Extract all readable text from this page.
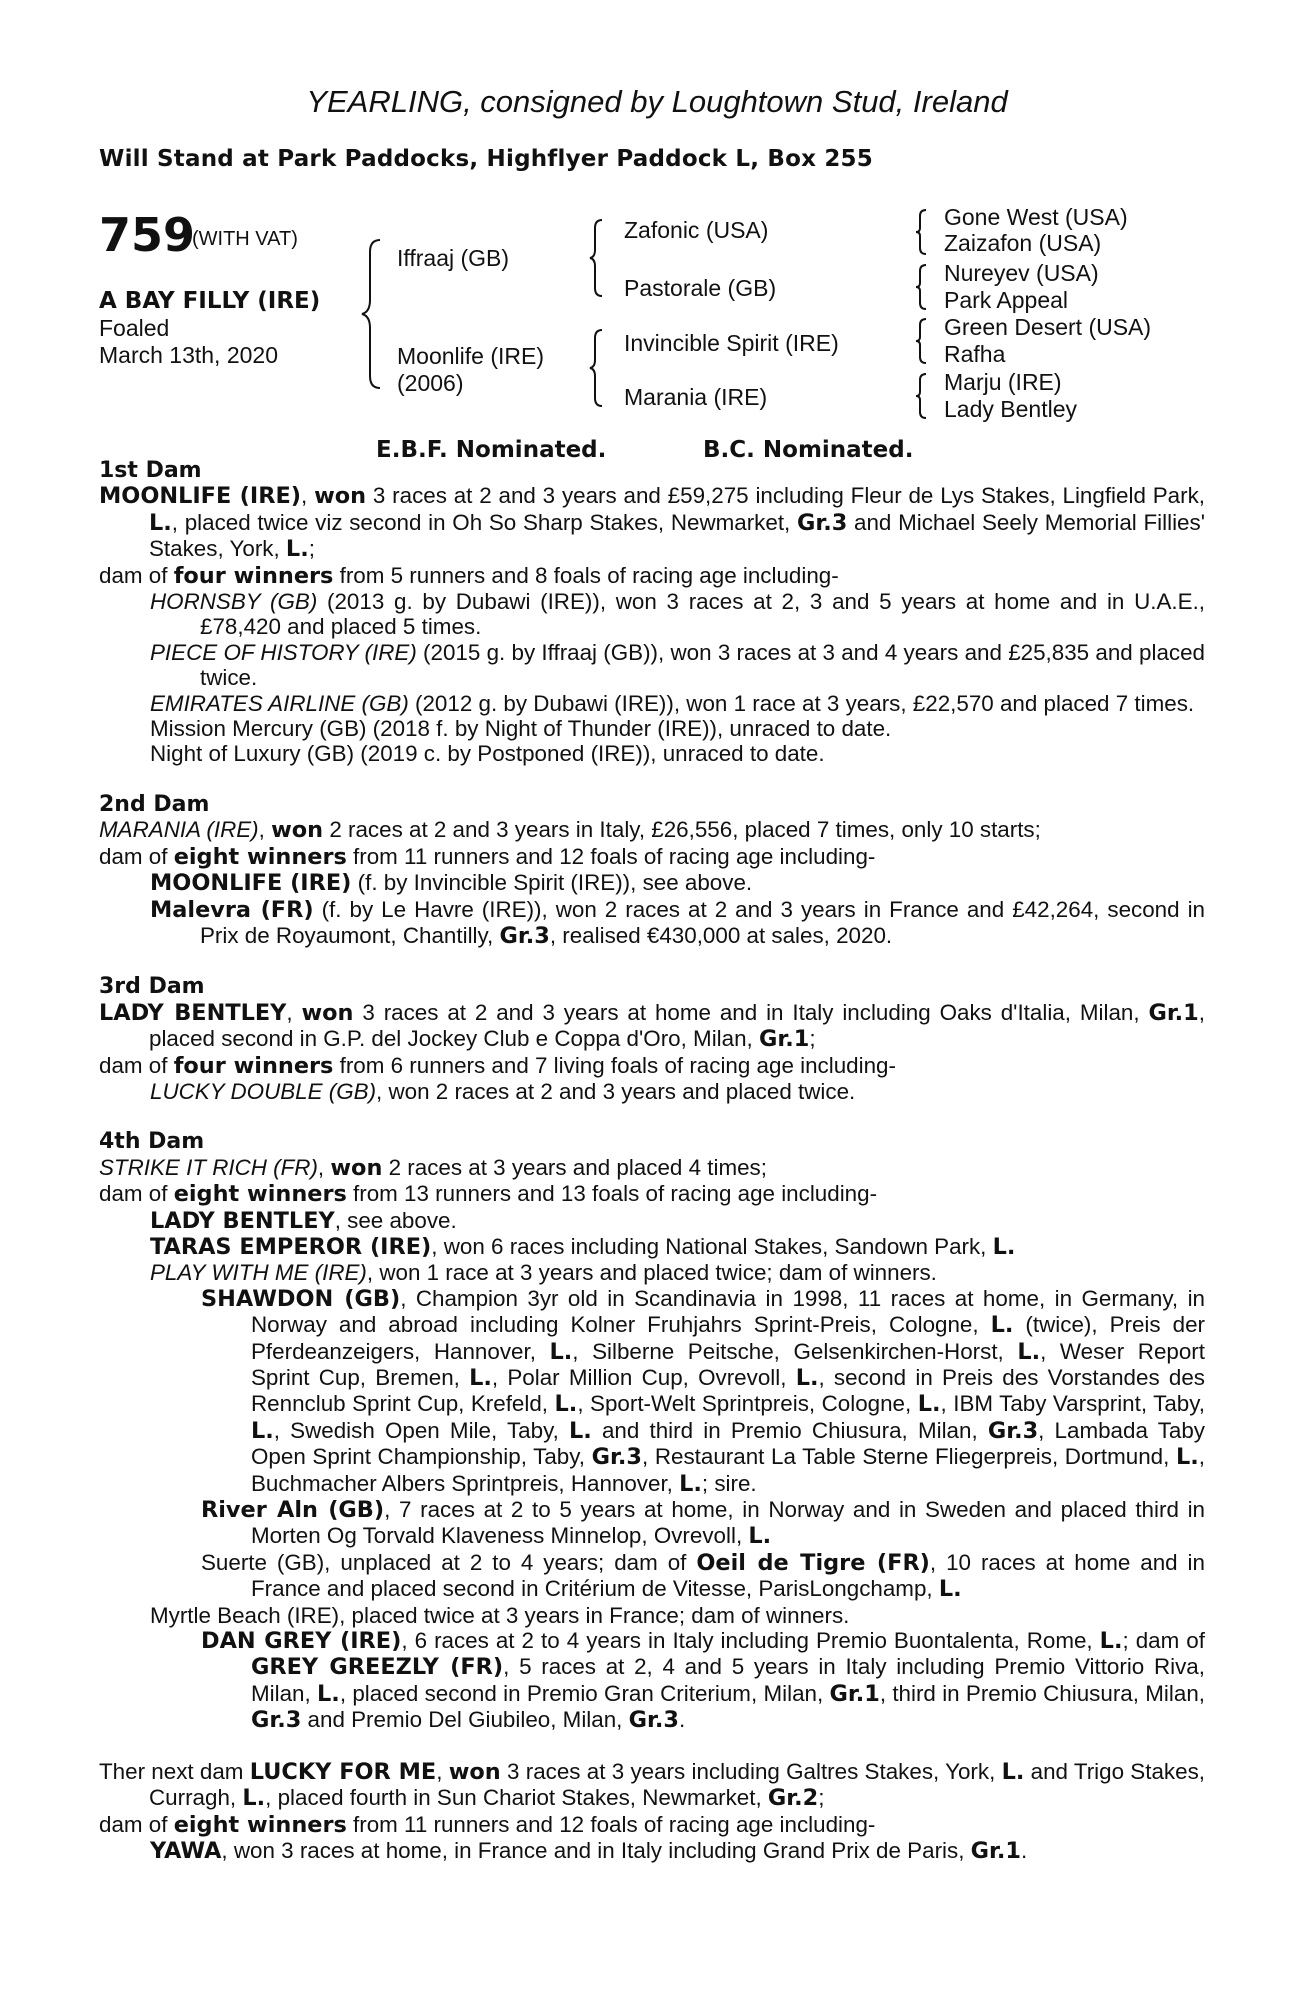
YEARLING, consigned by Loughtown Stud, Ireland
Will Stand at Park Paddocks, Highflyer Paddock L, Box 255
759
(WITH VAT)
A BAY FILLY (IRE)
Foaled
March 13th, 2020
Iffraaj (GB)
Moonlife (IRE)
(2006)
Zafonic (USA)
Pastorale (GB)
Invincible Spirit (IRE)
Marania (IRE)
Gone West (USA)
Zaizafon (USA)
Nureyev (USA)
Park Appeal
Green Desert (USA)
Rafha
Marju (IRE)
Lady Bentley
E.B.F. Nominated.	B.C. Nominated.

1st Dam

MOONLIFE (IRE), won 3 races at 2 and 3 years and £59,275 including Fleur de Lys Stakes, Lingfield Park, L., placed twice viz second in Oh So Sharp Stakes, Newmarket, Gr.3 and Michael Seely Memorial Fillies' Stakes, York, L.;

dam of four winners from 5 runners and 8 foals of racing age including-

HORNSBY (GB) (2013 g. by Dubawi (IRE)), won 3 races at 2, 3 and 5 years at home and in U.A.E., £78,420 and placed 5 times.

PIECE OF HISTORY (IRE) (2015 g. by Iffraaj (GB)), won 3 races at 3 and 4 years and £25,835 and placed twice.

EMIRATES AIRLINE (GB) (2012 g. by Dubawi (IRE)), won 1 race at 3 years, £22,570 and placed 7 times.

Mission Mercury (GB) (2018 f. by Night of Thunder (IRE)), unraced to date.

Night of Luxury (GB) (2019 c. by Postponed (IRE)), unraced to date.

2nd Dam

MARANIA (IRE), won 2 races at 2 and 3 years in Italy, £26,556, placed 7 times, only 10 starts;

dam of eight winners from 11 runners and 12 foals of racing age including-

MOONLIFE (IRE) (f. by Invincible Spirit (IRE)), see above.

Malevra (FR) (f. by Le Havre (IRE)), won 2 races at 2 and 3 years in France and £42,264, second in Prix de Royaumont, Chantilly, Gr.3, realised €430,000 at sales, 2020.

3rd Dam

LADY BENTLEY, won 3 races at 2 and 3 years at home and in Italy including Oaks d'Italia, Milan, Gr.1, placed second in G.P. del Jockey Club e Coppa d'Oro, Milan, Gr.1;

dam of four winners from 6 runners and 7 living foals of racing age including-

LUCKY DOUBLE (GB), won 2 races at 2 and 3 years and placed twice.

4th Dam

STRIKE IT RICH (FR), won 2 races at 3 years and placed 4 times;

dam of eight winners from 13 runners and 13 foals of racing age including-

LADY BENTLEY, see above.

TARAS EMPEROR (IRE), won 6 races including National Stakes, Sandown Park, L.

PLAY WITH ME (IRE), won 1 race at 3 years and placed twice; dam of winners.

SHAWDON (GB), Champion 3yr old in Scandinavia in 1998, 11 races at home, in Germany, in Norway and abroad including Kolner Fruhjahrs Sprint-Preis, Cologne, L. (twice), Preis der Pferdeanzeigers, Hannover, L., Silberne Peitsche, Gelsenkirchen-Horst, L., Weser Report Sprint Cup, Bremen, L., Polar Million Cup, Ovrevoll, L., second in Preis des Vorstandes des Rennclub Sprint Cup, Krefeld, L., Sport-Welt Sprintpreis, Cologne, L., IBM Taby Varsprint, Taby, L., Swedish Open Mile, Taby, L. and third in Premio Chiusura, Milan, Gr.3, Lambada Taby Open Sprint Championship, Taby, Gr.3, Restaurant La Table Sterne Fliegerpreis, Dortmund, L., Buchmacher Albers Sprintpreis, Hannover, L.; sire.

River Aln (GB), 7 races at 2 to 5 years at home, in Norway and in Sweden and placed third in Morten Og Torvald Klaveness Minnelop, Ovrevoll, L.

Suerte (GB), unplaced at 2 to 4 years; dam of Oeil de Tigre (FR), 10 races at home and in France and placed second in Critérium de Vitesse, ParisLongchamp, L.

Myrtle Beach (IRE), placed twice at 3 years in France; dam of winners.

DAN GREY (IRE), 6 races at 2 to 4 years in Italy including Premio Buontalenta, Rome, L.; dam of GREY GREEZLY (FR), 5 races at 2, 4 and 5 years in Italy including Premio Vittorio Riva, Milan, L., placed second in Premio Gran Criterium, Milan, Gr.1, third in Premio Chiusura, Milan, Gr.3 and Premio Del Giubileo, Milan, Gr.3.

Ther next dam LUCKY FOR ME, won 3 races at 3 years including Galtres Stakes, York, L. and Trigo Stakes, Curragh, L., placed fourth in Sun Chariot Stakes, Newmarket, Gr.2;

dam of eight winners from 11 runners and 12 foals of racing age including-

YAWA, won 3 races at home, in France and in Italy including Grand Prix de Paris, Gr.1.
